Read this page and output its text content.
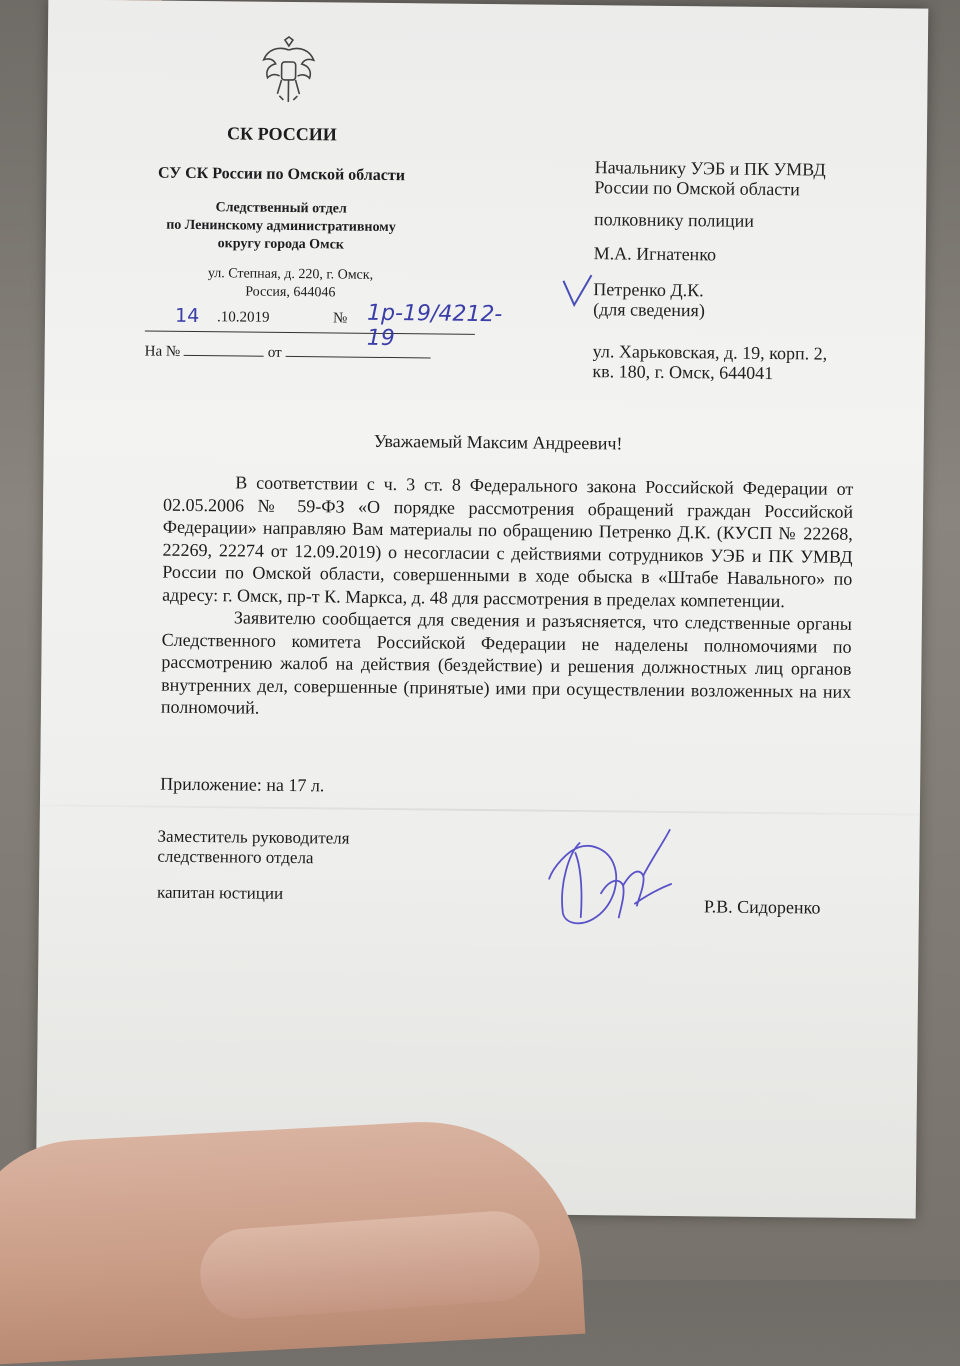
СК РОССИИ
СУ СК России по Омской области
Следственный отдел
по Ленинскому административному
округу города Омск
ул. Степная, д. 220, г. Омск,
Россия, 644046
14 .10.2019	№ 1р-19/4212-19
На №	от
Начальнику УЭБ и ПК УМВД
России по Омской области
полковнику полиции
М.А. Игнатенко
Петренко Д.К.
(для сведения)
ул. Харьковская, д. 19, корп. 2,
кв. 180, г. Омск, 644041
Уважаемый Максим Андреевич!

В соответствии с ч. 3 ст. 8 Федерального закона Российской Федерации от 02.05.2006 № 59-ФЗ «О порядке рассмотрения обращений граждан Российской Федерации» направляю Вам материалы по обращению Петренко Д.К. (КУСП № 22268, 22269, 22274 от 12.09.2019) о несогласии с действиями сотрудников УЭБ и ПК УМВД России по Омской области, совершенными в ходе обыска в «Штабе Навального» по адресу: г. Омск, пр-т К. Маркса, д. 48 для рассмотрения в пределах компетенции.

Заявителю сообщается для сведения и разъясняется, что следственные органы Следственного комитета Российской Федерации не наделены полномочиями по рассмотрению жалоб на действия (бездействие) и решения должностных лиц органов внутренних дел, совершенные (принятые) ими при осуществлении возложенных на них полномочий.

Приложение: на 17 л.
Заместитель руководителя
следственного отдела
капитан юстиции
Р.В. Сидоренко
